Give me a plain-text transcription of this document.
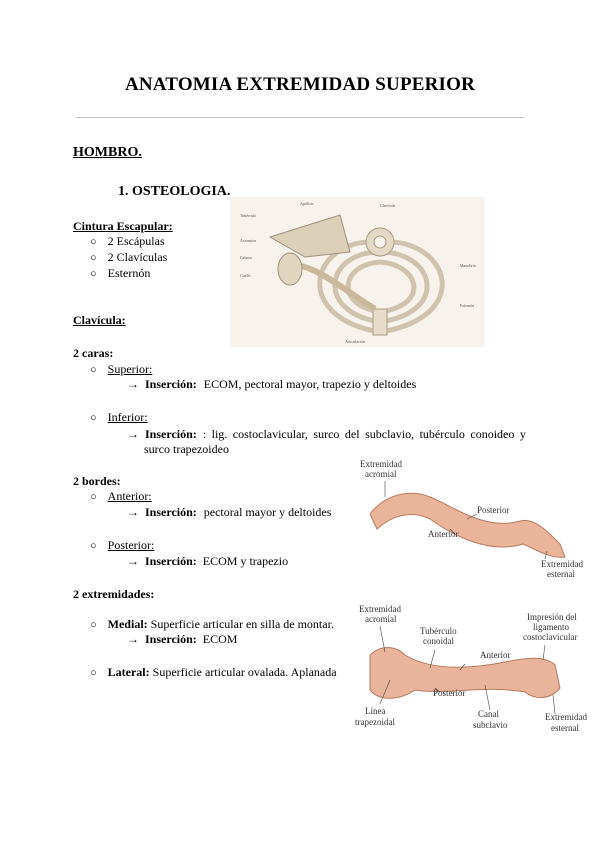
ANATOMIA EXTREMIDAD SUPERIOR
HOMBRO.
1. OSTEOLOGIA.
Cintura Escapular:
○ 2 Escápulas
○ 2 Clavículas
○ Esternón
Tubérculo
Acromion
Cabeza
Cuello
Apófisis	Clavícula
Manubrio
Esternón
Articulación
Clavícula:
2 caras:
○ Superior:
→ Inserción: ECOM, pectoral mayor, trapezio y deltoides
○ Inferior:
→ Inserción: : lig. costoclavicular, surco del subclavio, tubérculo conoideo y
surco trapezoideo
2 bordes:
○ Anterior:
→ Inserción: pectoral mayor y deltoides
○ Posterior:
→ Inserción: ECOM y trapezio
Extremidad acromial
Posterior
Anterior
Extremidad esternal
2 extremidades:
○ Medial: Superficie articular en silla de montar.
→ Inserción: ECOM
○ Lateral: Superficie articular ovalada. Aplanada
Extremidad acromial
Tubérculo conoidal
Impresión del ligamento costoclavicular
Anterior
Posterior
Línea trapezoidal
Canal subclavio
Extremidad esternal
